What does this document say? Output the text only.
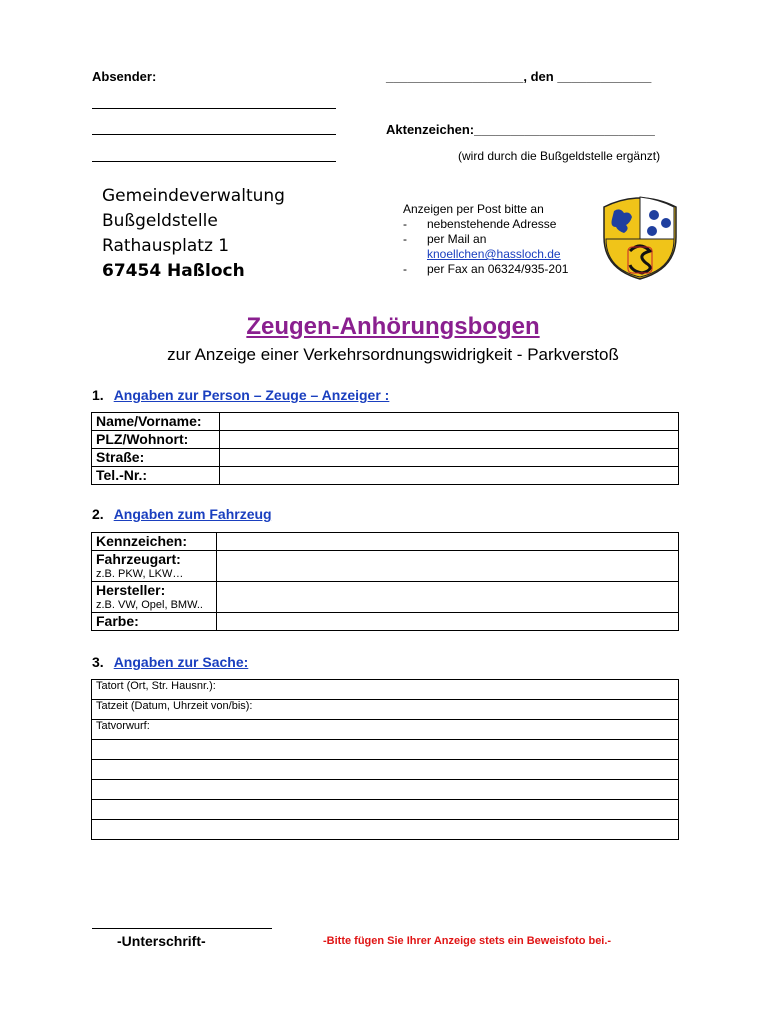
Absender:	___________________, den _____________
Aktenzeichen:_________________________
(wird durch die Bußgeldstelle ergänzt)
Gemeindeverwaltung
Bußgeldstelle
Rathausplatz 1
67454 Haßloch
Anzeigen per Post bitte an
- nebenstehende Adresse
- per Mail an
knoellchen@hassloch.de
- per Fax an 06324/935-201
Zeugen-Anhörungsbogen
zur Anzeige einer Verkehrsordnungswidrigkeit - Parkverstoß
1. Angaben zur Person – Zeuge – Anzeiger :
Name/Vorname:	
PLZ/Wohnort:	
Straße:	
Tel.-Nr.:	
2. Angaben zum Fahrzeug
Kennzeichen:	
Fahrzeugart:
z.B. PKW, LKW…	

Hersteller:
z.B. VW, Opel, BMW..	

Farbe:	
3. Angaben zur Sache:
Tatort (Ort, Str. Hausnr.):
Tatzeit (Datum, Uhrzeit von/bis):
Tatvorwurf:

-Unterschrift-	-Bitte fügen Sie Ihrer Anzeige stets ein Beweisfoto bei.-
